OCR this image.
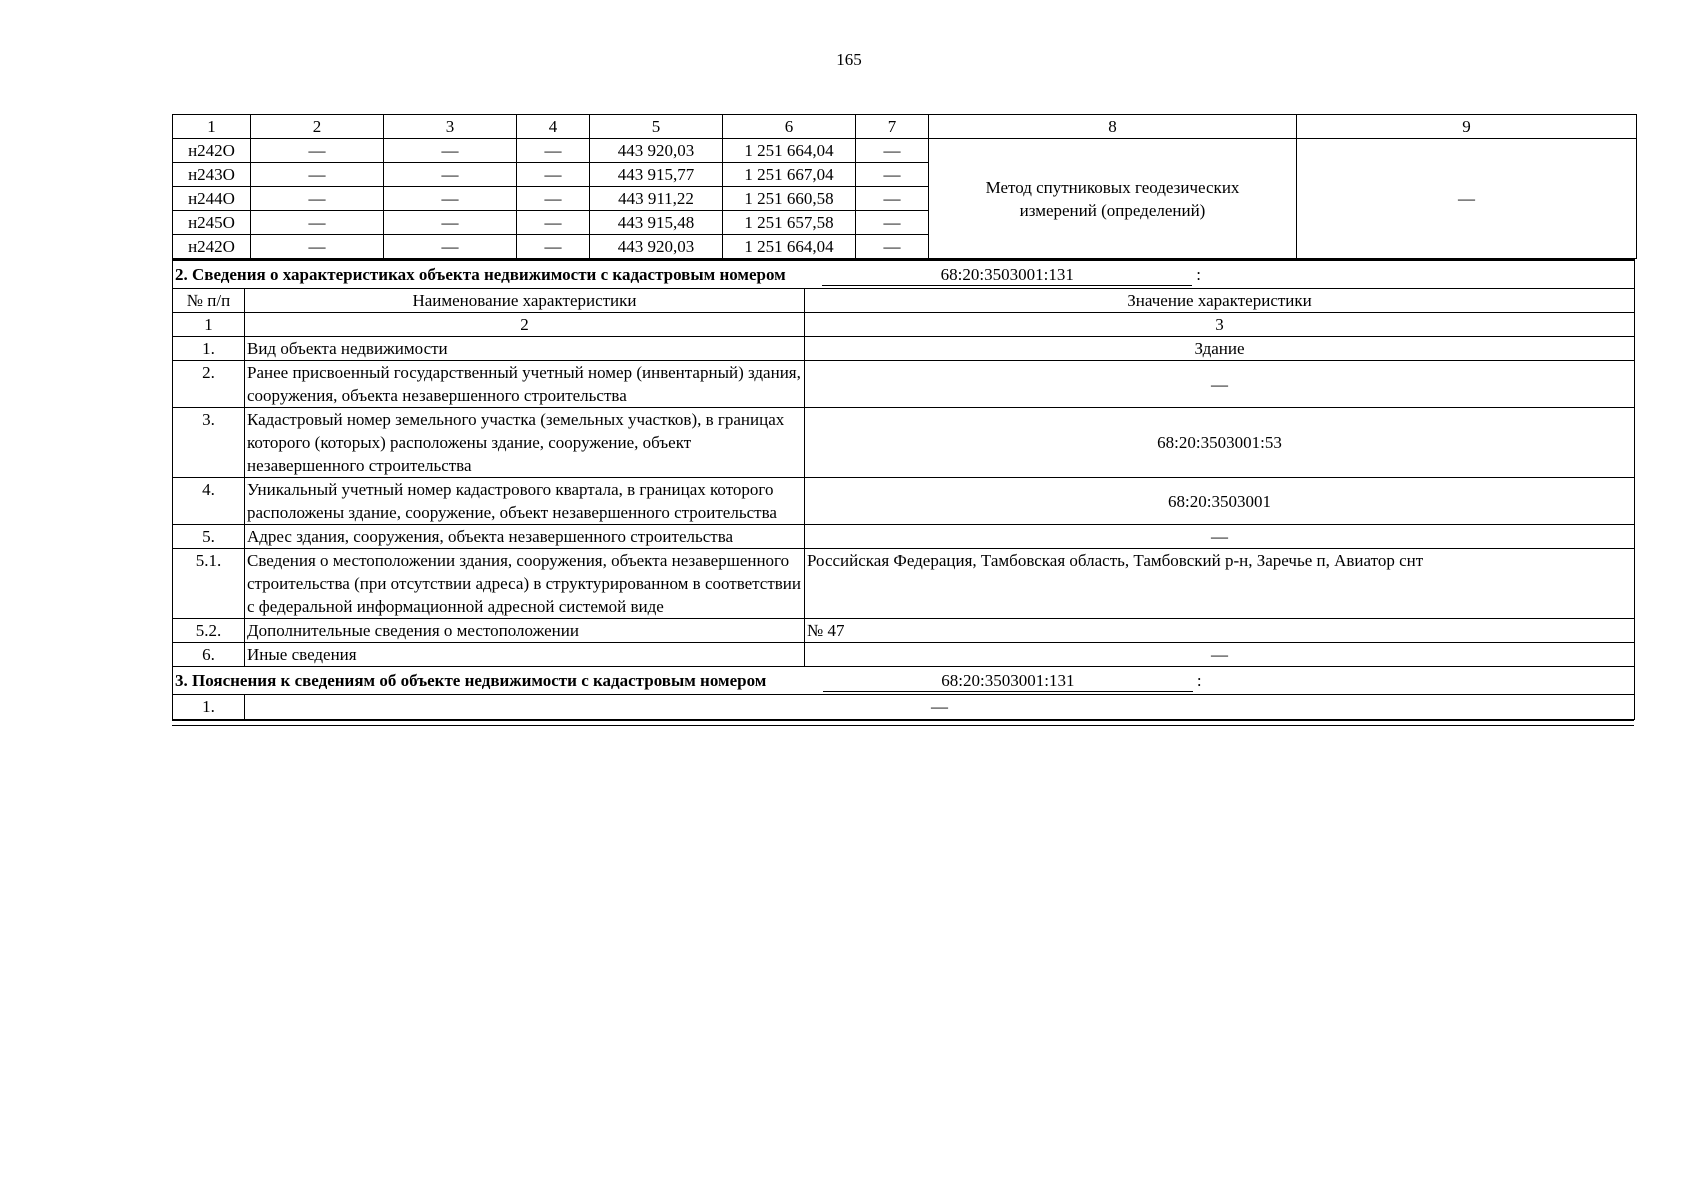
165
1	2	3	4	5	6	7	8	9
н242О	—	—	—	443 920,03	1 251 664,04	—	Метод спутниковых геодезических измерений (определений)	—
н243О	—	—	—	443 915,77	1 251 667,04	—		
н244О	—	—	—	443 911,22	1 251 660,58	—		
н245О	—	—	—	443 915,48	1 251 657,58	—		
н242О	—	—	—	443 920,03	1 251 664,04	—		
2. Сведения о характеристиках объекта недвижимости с кадастровым номером 68:20:3503001:131 :		
№ п/п	Наименование характеристики	Значение характеристики
1	2	3
1.	Вид объекта недвижимости	Здание
2.	Ранее присвоенный государственный учетный номер (инвентарный) здания, сооружения, объекта незавершенного строительства	—
3.	Кадастровый номер земельного участка (земельных участков), в границах которого (которых) расположены здание, сооружение, объект незавершенного строительства	68:20:3503001:53
4.	Уникальный учетный номер кадастрового квартала, в границах которого расположены здание, сооружение, объект незавершенного строительства	68:20:3503001
5.	Адрес здания, сооружения, объекта незавершенного строительства	—
5.1.	Сведения о местоположении здания, сооружения, объекта незавершенного строительства (при отсутствии адреса) в структурированном в соответствии с федеральной информационной адресной системой виде	Российская Федерация, Тамбовская область, Тамбовский р-н, Заречье п, Авиатор снт
5.2.	Дополнительные сведения о местоположении	№ 47
6.	Иные сведения	—
3. Пояснения к сведениям об объекте недвижимости с кадастровым номером 68:20:3503001:131 :		
1.	—	
